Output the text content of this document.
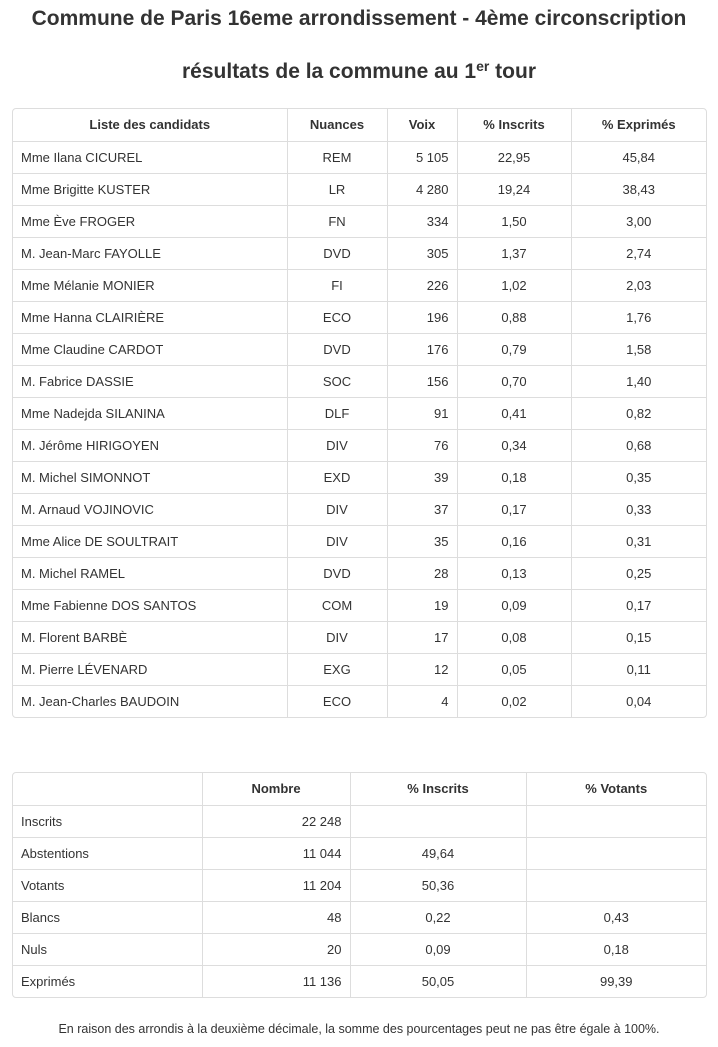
Commune de Paris 16eme arrondissement - 4ème circonscription
résultats de la commune au 1er tour
Liste des candidats	Nuances	Voix	% Inscrits	% Exprimés
Mme Ilana CICUREL	REM	5 105	22,95	45,84
Mme Brigitte KUSTER	LR	4 280	19,24	38,43
Mme Ève FROGER	FN	334	1,50	3,00
M. Jean-Marc FAYOLLE	DVD	305	1,37	2,74
Mme Mélanie MONIER	FI	226	1,02	2,03
Mme Hanna CLAIRIÈRE	ECO	196	0,88	1,76
Mme Claudine CARDOT	DVD	176	0,79	1,58
M. Fabrice DASSIE	SOC	156	0,70	1,40
Mme Nadejda SILANINA	DLF	91	0,41	0,82
M. Jérôme HIRIGOYEN	DIV	76	0,34	0,68
M. Michel SIMONNOT	EXD	39	0,18	0,35
M. Arnaud VOJINOVIC	DIV	37	0,17	0,33
Mme Alice DE SOULTRAIT	DIV	35	0,16	0,31
M. Michel RAMEL	DVD	28	0,13	0,25
Mme Fabienne DOS SANTOS	COM	19	0,09	0,17
M. Florent BARBÈ	DIV	17	0,08	0,15
M. Pierre LÉVENARD	EXG	12	0,05	0,11
M. Jean-Charles BAUDOIN	ECO	4	0,02	0,04
	Nombre	% Inscrits	% Votants
Inscrits	22 248		
Abstentions	11 044	49,64	
Votants	11 204	50,36	
Blancs	48	0,22	0,43
Nuls	20	0,09	0,18
Exprimés	11 136	50,05	99,39
En raison des arrondis à la deuxième décimale, la somme des pourcentages peut ne pas être égale à 100%.
